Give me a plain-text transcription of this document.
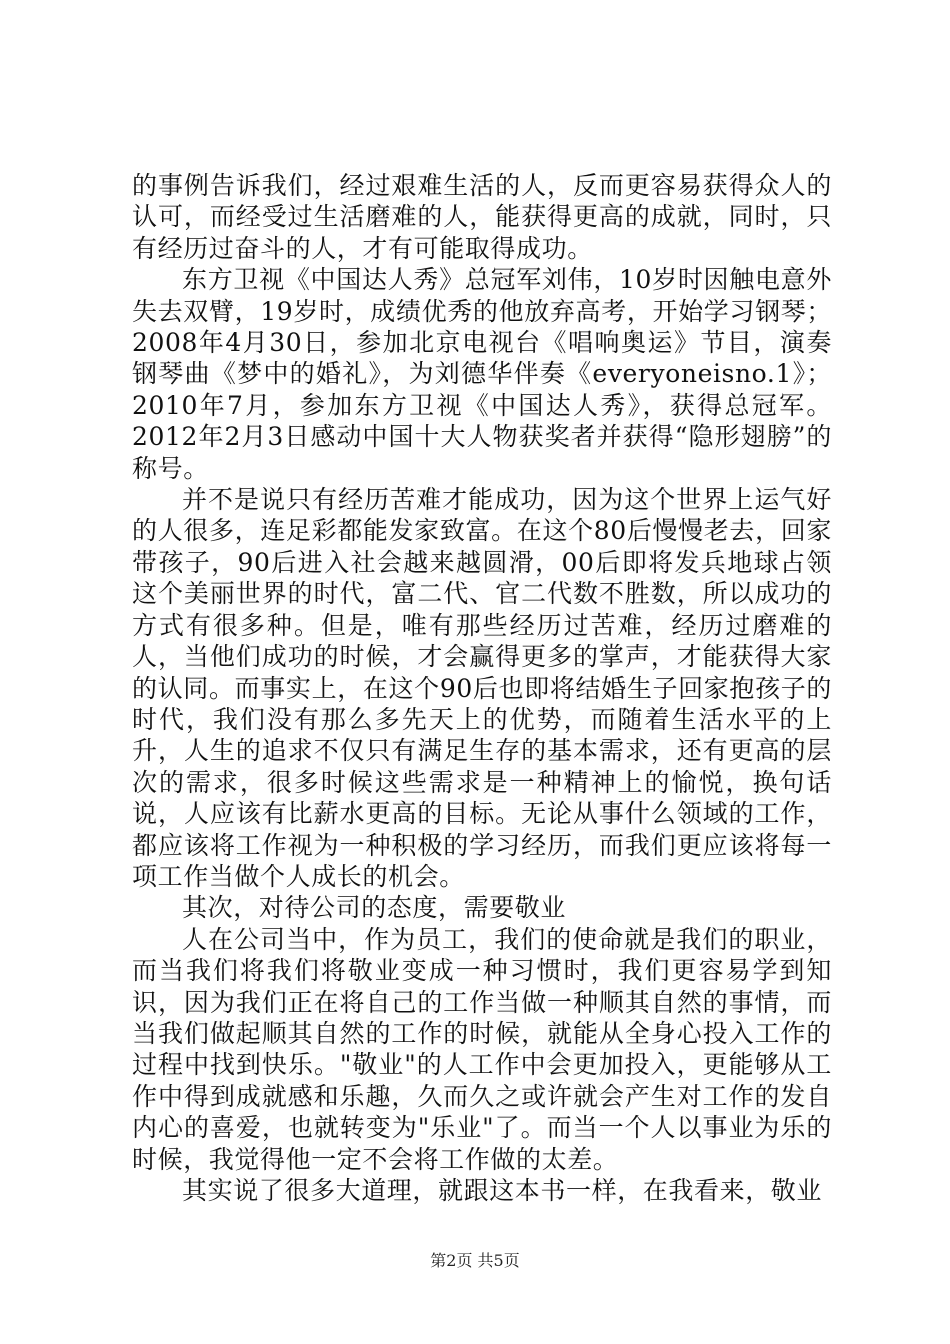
的事例告诉我们，经过艰难生活的人，反而更容易获得众人的认可，而经受过生活磨难的人，能获得更高的成就，同时，只有经历过奋斗的人，才有可能取得成功。

东方卫视《中国达人秀》总冠军刘伟，10岁时因触电意外失去双臂，19岁时，成绩优秀的他放弃高考，开始学习钢琴；2008年4月30日，参加北京电视台《唱响奥运》节目，演奏钢琴曲《梦中的婚礼》，为刘德华伴奏《everyoneisno.1》；2010年7月，参加东方卫视《中国达人秀》，获得总冠军。2012年2月3日感动中国十大人物获奖者并获得“隐形翅膀”的称号。

并不是说只有经历苦难才能成功，因为这个世界上运气好的人很多，连足彩都能发家致富。在这个80后慢慢老去，回家带孩子，90后进入社会越来越圆滑，00后即将发兵地球占领这个美丽世界的时代，富二代、官二代数不胜数，所以成功的方式有很多种。但是，唯有那些经历过苦难，经历过磨难的人，当他们成功的时候，才会赢得更多的掌声，才能获得大家的认同。而事实上，在这个90后也即将结婚生子回家抱孩子的时代，我们没有那么多先天上的优势，而随着生活水平的上升，人生的追求不仅只有满足生存的基本需求，还有更高的层次的需求，很多时候这些需求是一种精神上的愉悦，换句话说，人应该有比薪水更高的目标。无论从事什么领域的工作，都应该将工作视为一种积极的学习经历，而我们更应该将每一项工作当做个人成长的机会。

其次，对待公司的态度，需要敬业

人在公司当中，作为员工，我们的使命就是我们的职业，而当我们将我们将敬业变成一种习惯时，我们更容易学到知识，因为我们正在将自己的工作当做一种顺其自然的事情，而当我们做起顺其自然的工作的时候，就能从全身心投入工作的过程中找到快乐。"敬业"的人工作中会更加投入，更能够从工作中得到成就感和乐趣，久而久之或许就会产生对工作的发自内心的喜爱，也就转变为"乐业"了。而当一个人以事业为乐的时候，我觉得他一定不会将工作做的太差。

其实说了很多大道理，就跟这本书一样，在我看来，敬业

第2页 共5页
